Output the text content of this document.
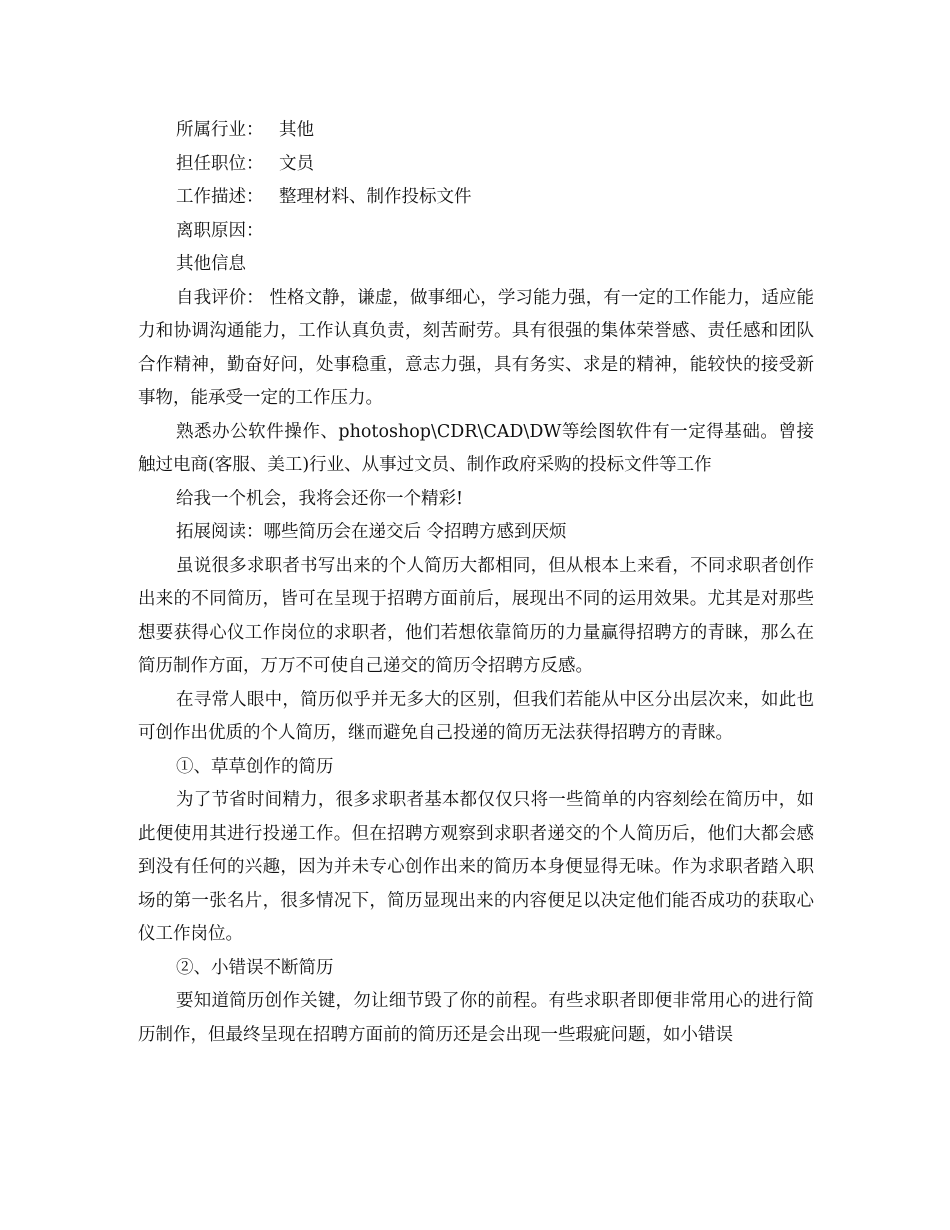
所属行业： 其他
担任职位： 文员
工作描述： 整理材料、制作投标文件
离职原因：

其他信息

自我评价： 性格文静，谦虚，做事细心，学习能力强，有一定的工作能力，适应能力和协调沟通能力，工作认真负责，刻苦耐劳。具有很强的集体荣誉感、责任感和团队合作精神，勤奋好问，处事稳重，意志力强，具有务实、求是的精神，能较快的接受新事物，能承受一定的工作压力。

熟悉办公软件操作、photoshop\CDR\CAD\DW等绘图软件有一定得基础。曾接触过电商(客服、美工)行业、从事过文员、制作政府采购的投标文件等工作

给我一个机会，我将会还你一个精彩!

拓展阅读：哪些简历会在递交后 令招聘方感到厌烦

虽说很多求职者书写出来的个人简历大都相同，但从根本上来看，不同求职者创作出来的不同简历，皆可在呈现于招聘方面前后，展现出不同的运用效果。尤其是对那些想要获得心仪工作岗位的求职者，他们若想依靠简历的力量赢得招聘方的青睐，那么在简历制作方面，万万不可使自己递交的简历令招聘方反感。

在寻常人眼中，简历似乎并无多大的区别，但我们若能从中区分出层次来，如此也可创作出优质的个人简历，继而避免自己投递的简历无法获得招聘方的青睐。

①、草草创作的简历

为了节省时间精力，很多求职者基本都仅仅只将一些简单的内容刻绘在简历中，如此便使用其进行投递工作。但在招聘方观察到求职者递交的个人简历后，他们大都会感到没有任何的兴趣，因为并未专心创作出来的简历本身便显得无味。作为求职者踏入职场的第一张名片，很多情况下，简历显现出来的内容便足以决定他们能否成功的获取心仪工作岗位。

②、小错误不断简历

要知道简历创作关键，勿让细节毁了你的前程。有些求职者即便非常用心的进行简历制作，但最终呈现在招聘方面前的简历还是会出现一些瑕疵问题，如小错误
